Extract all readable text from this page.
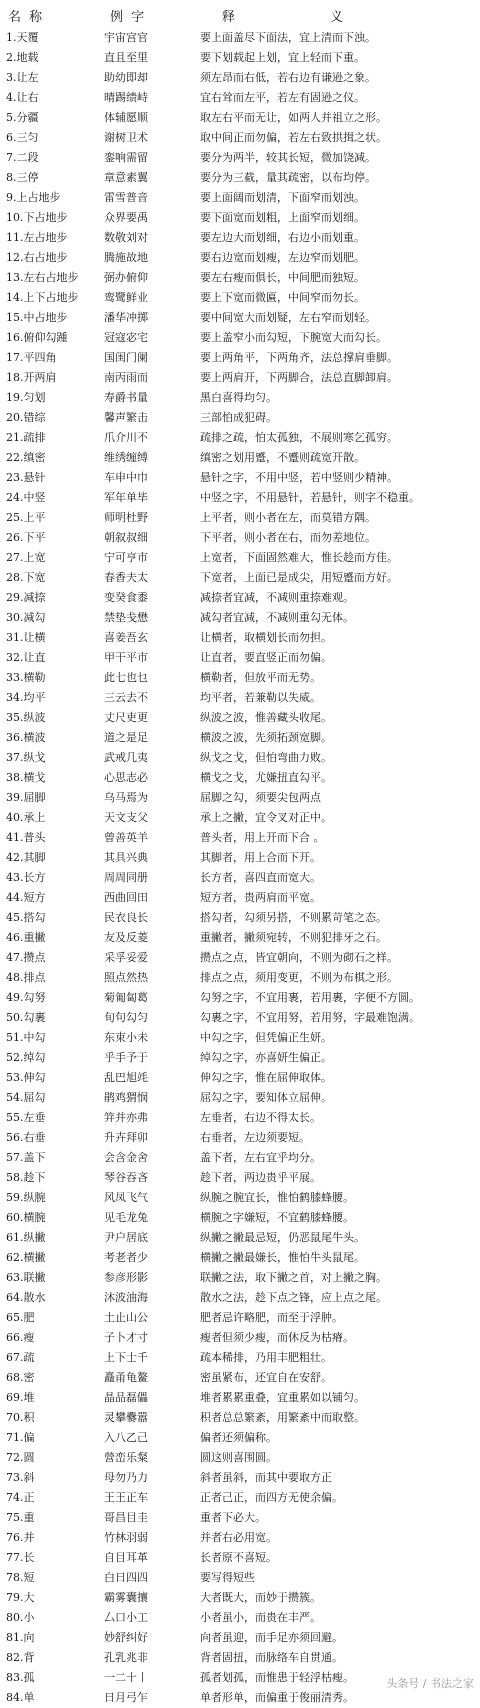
名 称	例 字	释	义
1.天覆	宇宙宫官	要上面盖尽下面法，宜上清而下浊。
2.地载	直且至里	要下划载起上划，宜上轻而下重。
3.让左	助幼即却	须左昂而右低，若右边有谦逊之象。
4.让右	晴踢绩峙	宜右耸而左平，若左有固逊之仪。
5.分疆	体辅愿顺	取左右平而无让，如两人并祖立之形。
6.三匀	谢树卫术	取中间正而勿偏，若左右致拱揖之状。
7.二段	銮响需留	要分为两半，较其长短，微加饶减。
8.三停	章意素翼	要分为三截，量其疏密，以布均停。
9.上占地步	雷雪普音	要上面阔而划清，下面窄而划浊。
10.下占地步	众界要禹	要下面宽而划粗，上面窄而划细。
11.左占地步	数敬刘对	要左边大而划细，右边小而划重。
12.右占地步	腾施故地	要右边宽而划瘦，左边窄而划肥。
13.左右占地步	弼办俯仰	要左右瘦而俱长，中间肥而独短。
14.上下占地步	鸾鹭鲜业	要上下宽而微匾，中间窄而勿长。
15.中占地步	潘华冲掷	要中间宽大而划疑，左右窄而划轻。
16.俯仰勾踵	冠寇宓宅	要上盖窄小而勾短，下腕宽大而勾长。
17.平四角	国闺门阑	要上两角平，下两角齐，法总撑肩垂脚。
18.开两肩	南丙雨而	要上两肩开，下两脚合，法总直脚卸肩。
19.匀划	寿爵书量	黑白喜得均匀。
20.错综	馨声繁击	三部怕成犯碍。
21.疏排	爪介川不	疏排之疏，怕太孤独，不展则寒乞孤穷。
22.缜密	维绣缠缚	缜密之划用蹙，不蹙则疏宽开散。
23.悬针	车申中巾	悬针之字，不用中竖，若中竖则少精神。
24.中竖	军年单毕	中竖之字，不用悬针，若悬针，则字不稳重。
25.上平	师明杜野	上平者，则小者在左，而莫错方隅。
26.下平	朝叙叔细	下平者，则小者在右，而勿差地位。
27.上宽	宁可亨市	上宽者，下面固然难大，惟长趁而方佳。
28.下宽	春香夫太	下宽者，上面已是成尖，用短蹙而方好。
29.减捺	变癸食黍	减捺者宜减，不减则重捺难观。
30.减勾	禁垫戋懋	减勾者宜减，不减则重勾无体。
31.让横	喜姜吾玄	让横者，取横划长而勿担。
32.让直	甲干平市	让直者，要直竖正而勿偏。
33.横勒	此七也乜	横勒者，但放平而无势。
34.均平	三云去不	均平者，若兼勒以失威。
35.纵波	丈尺吏更	纵波之波，惟善藏头收尾。
36.横波	道之是足	横波之波，先须拓颈宽脚。
37.纵戈	武戒几夷	纵戈之戈，但怕弯曲力败。
38.横戈	心思志必	横戈之戈，尤嫌扭直勾平。
39.屈脚	乌马焉为	屈脚之勾，须要尖包两点
40.承上	天文支父	承上之撇，宜令叉对正中。
41.普头	曾善英羊	普头者，用上开而下合 。
42.其脚	其具兴典	其脚者，用上合而下开。
43.长方	周周同册	长方者，喜四直而宽大。
44.短方	西曲回田	短方者，贵两肩而平宽。
45.搭勾	民衣良长	搭勾者，勾须另搭，不则累苛笔之态。
46.重撇	友及反菱	重撇者，撇须宛转，不则犯排牙之石。
47.攒点	采孚妥爱	攒点之点，皆宜朝向，不则为砌石之样。
48.排点	照点然热	排点之点，须用变更，不则为布棋之形。
49.勾努	菊匍匐葛	勾努之字，不宜用裹，若用裹，字便不方圆。
50.勾裹	旬句勾匀	勾裹之字，不宜用努，若用努，字最难饱满。
51.中勾	东束小未	中勾之字，但凭偏正生妍。
52.绰勾	乎手予于	绰勾之字，亦喜妍生偏正。
53.伸勾	乱巴旭竓	伸勾之字，惟在屈伸取体。
54.屈勾	鹃鸡猬悯	屈勾之字，要知体立屈伸。
55.左垂	笄并亦弗	左垂者，右边不得太长。
56.右垂	升卉拜卯	右垂者，左边须要短。
57.盖下	会含金舍	盖下者，左右宜乎均分。
58.趁下	琴谷吞吝	趁下者，两边贵乎平展。
59.纵腕	风凤飞气	纵腕之腕宜长，惟怕鹤膝蜂腰。
60.横腕	见毛龙兔	横腕之字嫌短，不宜鹤膝蜂腰。
61.纵撇	尹户居底	纵撇之撇最忌短，仍恶鼠尾牛头。
62.横撇	考老者少	横撇之撇最嫌长，惟怕牛头鼠尾。
63.联撇	参彦形影	联撇之法，取下撇之首，对上撇之胸。
64.散水	沐波油海	散水之法，趁下点之锋，应上点之尾。
65.肥	土止山公	肥者忌许略肥，而至于浮肿。
66.瘦	子卜才寸	瘦者但须少瘦，而休反为枯瘠。
67.疏	上下士千	疏本稀排，乃用丰肥粗壮。
68.密	矗甬龟鳌	密虽紧布，还宜自在安舒。
69.堆	晶品磊儡	堆者累累重叠，宜重累如以铺匀。
70.积	灵攀爨嚣	积者总总繁紊，用繁紊中而取整。
71.偏	入八乙己	偏者还须偏称。
72.圆	營峦乐粲	圆这则喜围圆。
73.斜	母勿乃力	斜者虽斜，而其中要取方正
74.正	王王正车	正者己正，而四方无使余偏。
75.重	哥昌目圭	重者下必大。
76.并	竹林羽弱	并者右必用宽。
77.长	自目耳革	长者原不喜短。
78.短	白日四四	要写得短些
79.大	霸雾囊攘	大者既大，而妙于攒簇。
80.小	厶口小工	小者虽小，而贵在丰严。
81.向	妙舒纠好	向者虽迎，而手足亦须回避。
82.背	孔乳兆非	背者固扭，而脉络车自贯通。
83.孤	一二十丨	孤者划孤，而惟患于轻浮枯瘦。
84.单	日月弓乍	单者形单，而偏重于俊丽清秀。
头条号 / 书法之家
